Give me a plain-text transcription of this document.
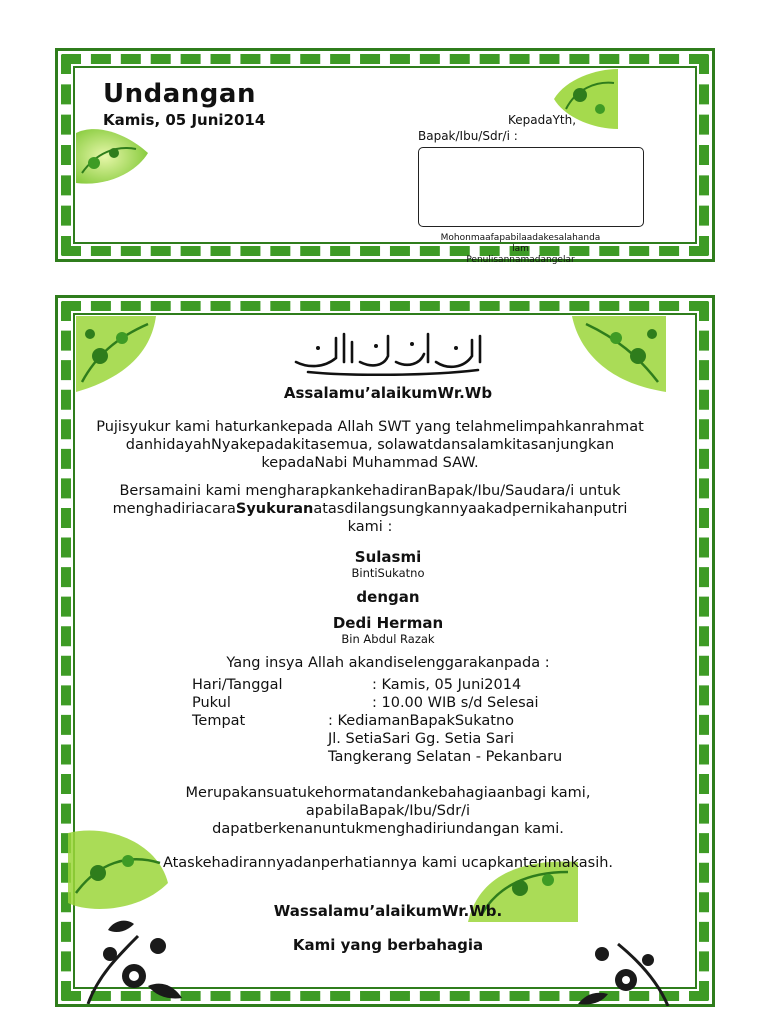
Undangan
Kamis, 05 Juni2014	KepadaYth,
Bapak/Ibu/Sdr/i :
Mohonmaafapabilaadakesalahanda
lam
Penulisannamadangelar
Assalamu’alaikumWr.Wb
Pujisyukur kami haturkankepada Allah SWT yang telahmelimpahkanrahmat
danhidayahNyakepadakitasemua, solawatdansalamkitasanjungkan
kepadaNabi Muhammad SAW.
Bersamaini kami mengharapkankehadiranBapak/Ibu/Saudara/i untuk
menghadiriacaraSyukuranatasdilangsungkannyaakadpernikahanputri
kami :
Sulasmi
BintiSukatno
dengan
Dedi Herman
Bin Abdul Razak
Yang insya Allah akandiselenggarakanpada :
Hari/Tanggal	: Kamis, 05 Juni2014
Pukul	: 10.00 WIB s/d Selesai
Tempat	: KediamanBapakSukatno
Jl. SetiaSari Gg. Setia Sari
Tangkerang Selatan - Pekanbaru
Merupakansuatukehormatandankebahagiaanbagi kami,
apabilaBapak/Ibu/Sdr/i
dapatberkenanuntukmenghadiriundangan kami.
Ataskehadirannyadanperhatiannya kami ucapkanterimakasih.
Wassalamu’alaikumWr.Wb.
Kami yang berbahagia
